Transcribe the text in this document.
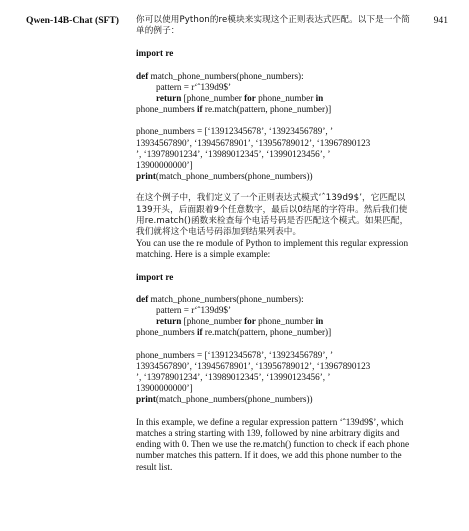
Qwen-14B-Chat (SFT)	941

你可以使用Python的re模块来实现这个正则表达式匹配。以下是一个简单的例子：

import re

def match_phone_numbers(phone_numbers):

pattern = r‘ˆ139d9$’

return [phone_number for phone_number in

phone_numbers if re.match(pattern, phone_number)]

phone_numbers = [‘13912345678’, ‘13923456789’, ’

13934567890’, ‘13945678901’, ‘13956789012’, ‘13967890123

’, ‘13978901234’, ‘13989012345’, ‘13990123456’, ’

13900000000’]

print(match_phone_numbers(phone_numbers))

在这个例子中，我们定义了一个正则表达式模式‘ˆ139d9$’，它匹配以139开头，后面跟着9个任意数字，最后以0结尾的字符串。然后我们使用re.match()函数来检查每个电话号码是否匹配这个模式。如果匹配，我们就将这个电话号码添加到结果列表中。

You can use the re module of Python to implement this regular expression matching. Here is a simple example:

import re

def match_phone_numbers(phone_numbers):

pattern = r‘ˆ139d9$’

return [phone_number for phone_number in

phone_numbers if re.match(pattern, phone_number)]

phone_numbers = [‘13912345678’, ‘13923456789’, ’

13934567890’, ‘13945678901’, ‘13956789012’, ‘13967890123

’, ‘13978901234’, ‘13989012345’, ‘13990123456’, ’

13900000000’]

print(match_phone_numbers(phone_numbers))

In this example, we define a regular expression pattern ‘ˆ139d9$’, which matches a string starting with 139, followed by nine arbitrary digits and ending with 0. Then we use the re.match() function to check if each phone number matches this pattern. If it does, we add this phone number to the result list.
